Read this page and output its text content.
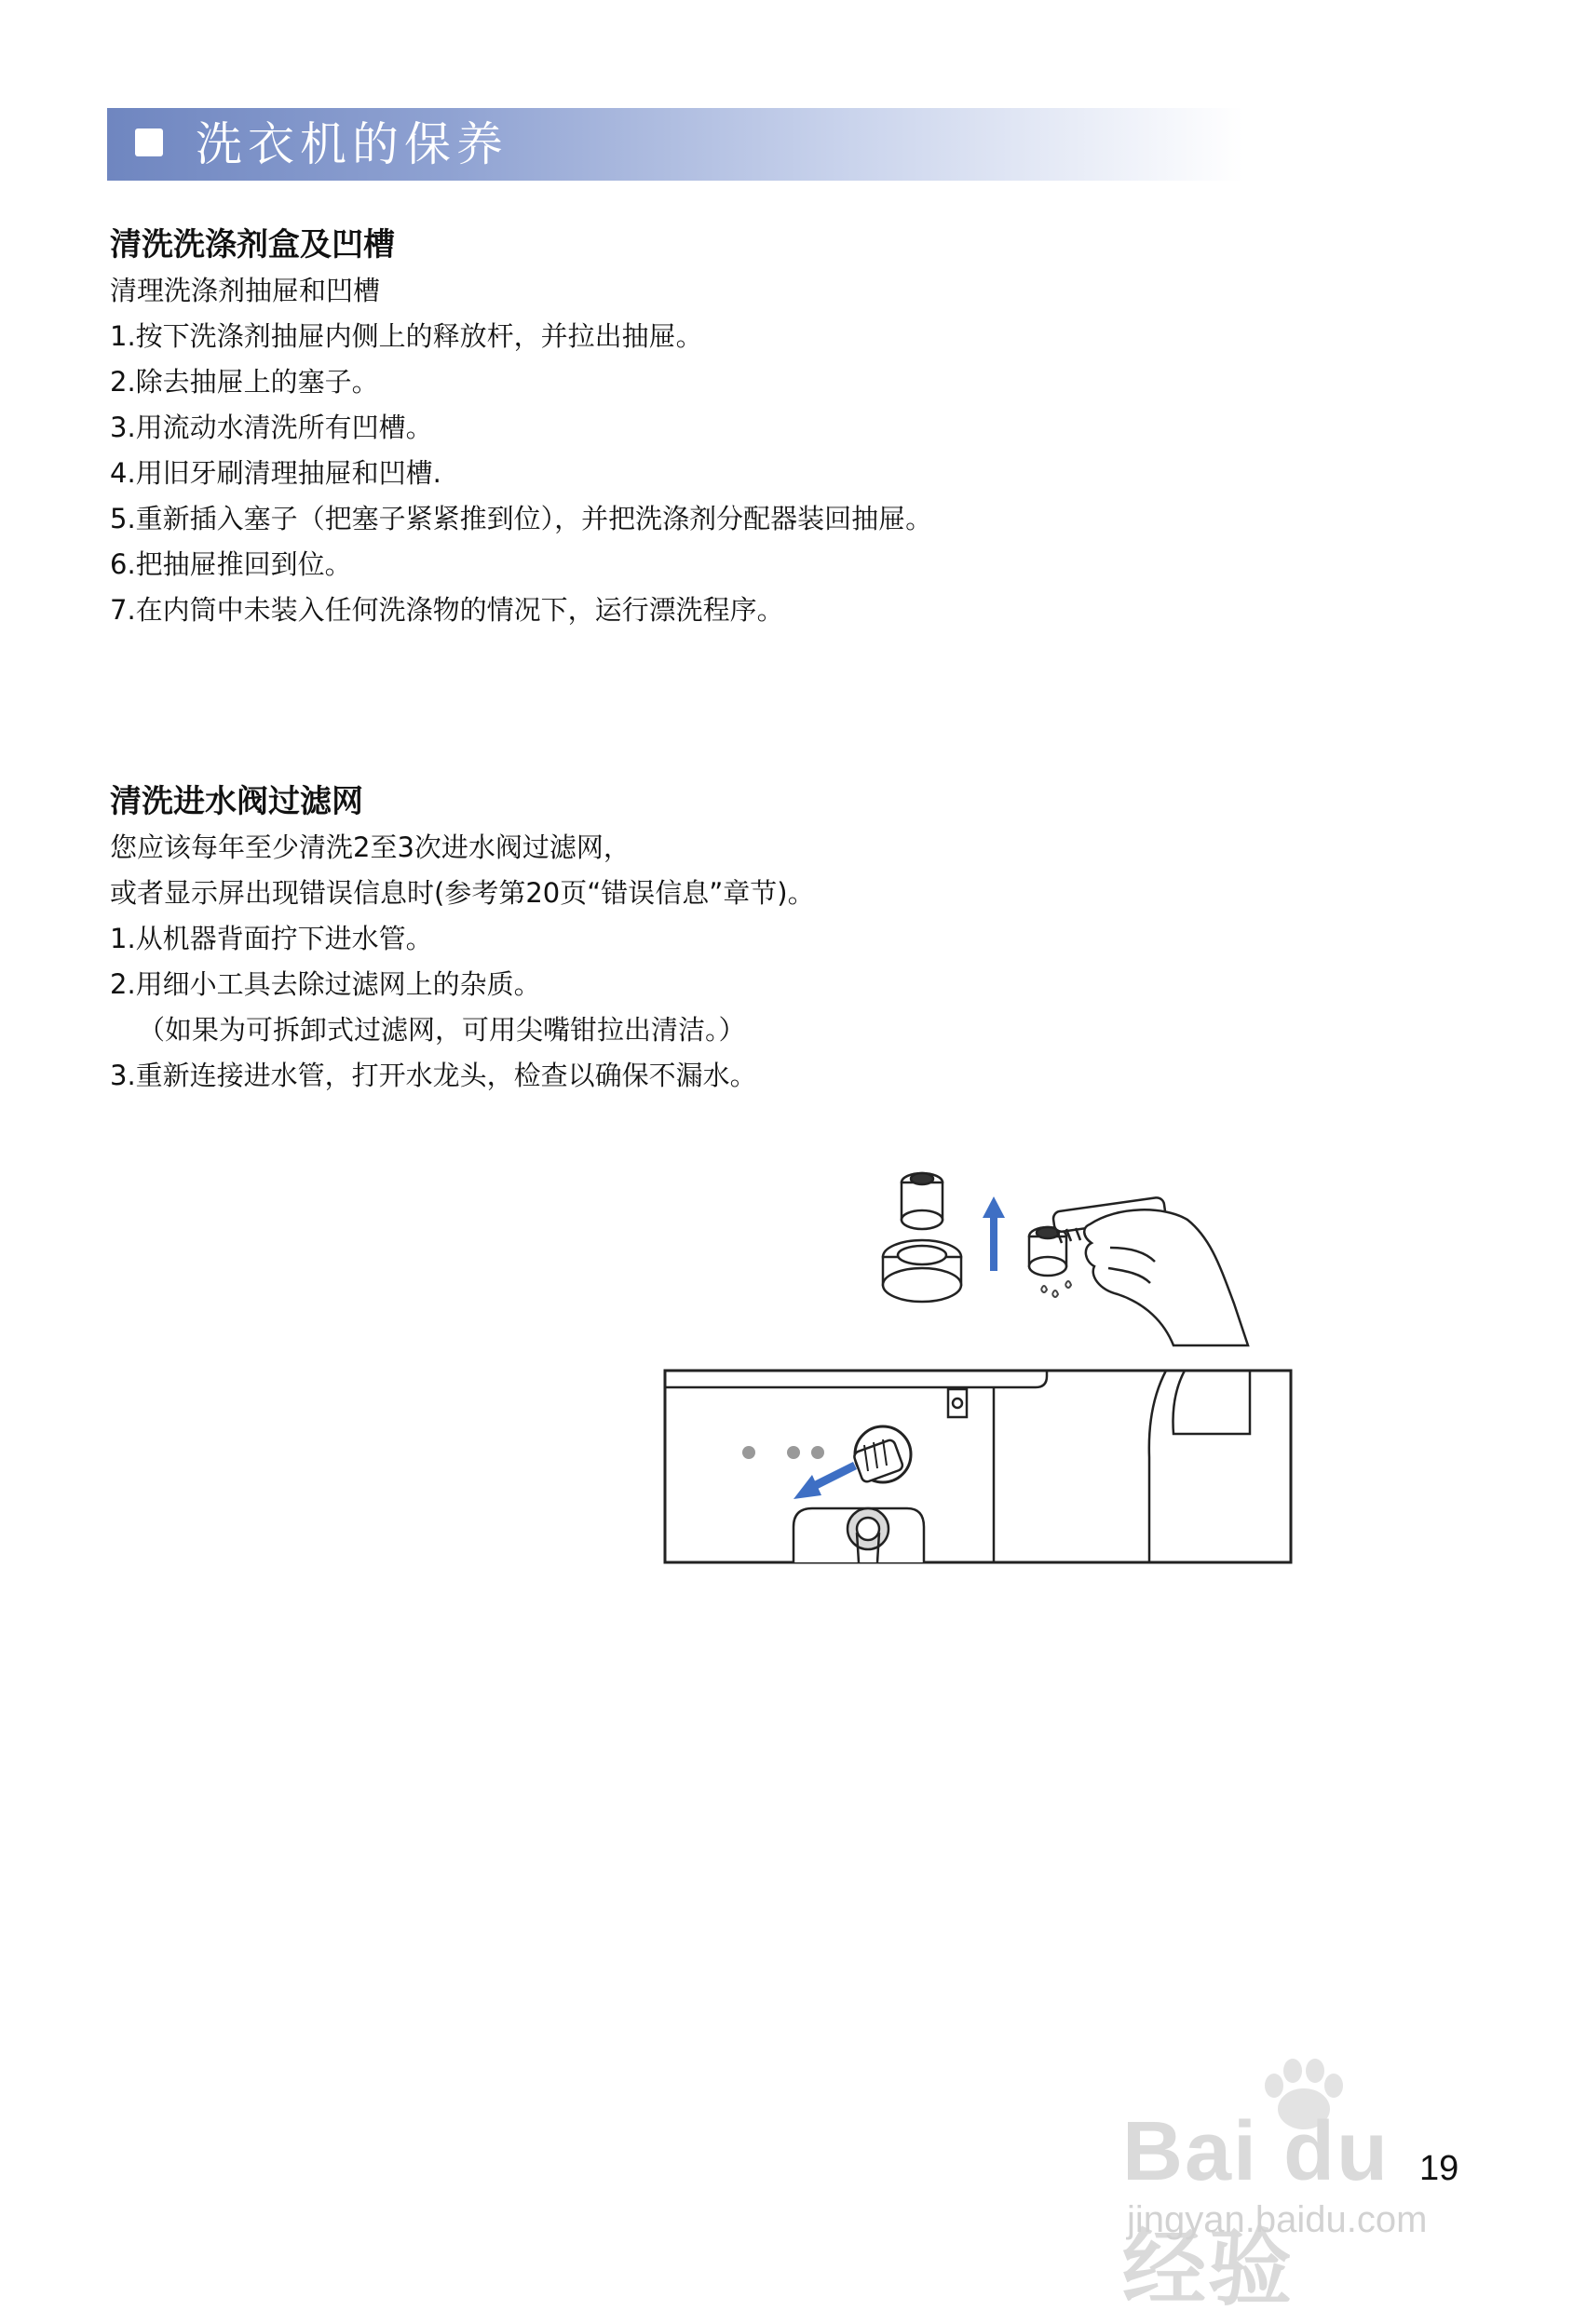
洗衣机的保养

清洗洗涤剂盒及凹槽

清理洗涤剂抽屉和凹槽

1.按下洗涤剂抽屉内侧上的释放杆，并拉出抽屉。

2.除去抽屉上的塞子。

3.用流动水清洗所有凹槽。

4.用旧牙刷清理抽屉和凹槽.

5.重新插入塞子（把塞子紧紧推到位），并把洗涤剂分配器装回抽屉。

6.把抽屉推回到位。

7.在内筒中未装入任何洗涤物的情况下，运行漂洗程序。

清洗进水阀过滤网

您应该每年至少清洗2至3次进水阀过滤网，

或者显示屏出现错误信息时(参考第20页“错误信息”章节)。

1.从机器背面拧下进水管。

2.用细小工具去除过滤网上的杂质。

（如果为可拆卸式过滤网，可用尖嘴钳拉出清洁。）

3.重新连接进水管，打开水龙头，检查以确保不漏水。

Bai du 经验
jingyan.baidu.com
19
